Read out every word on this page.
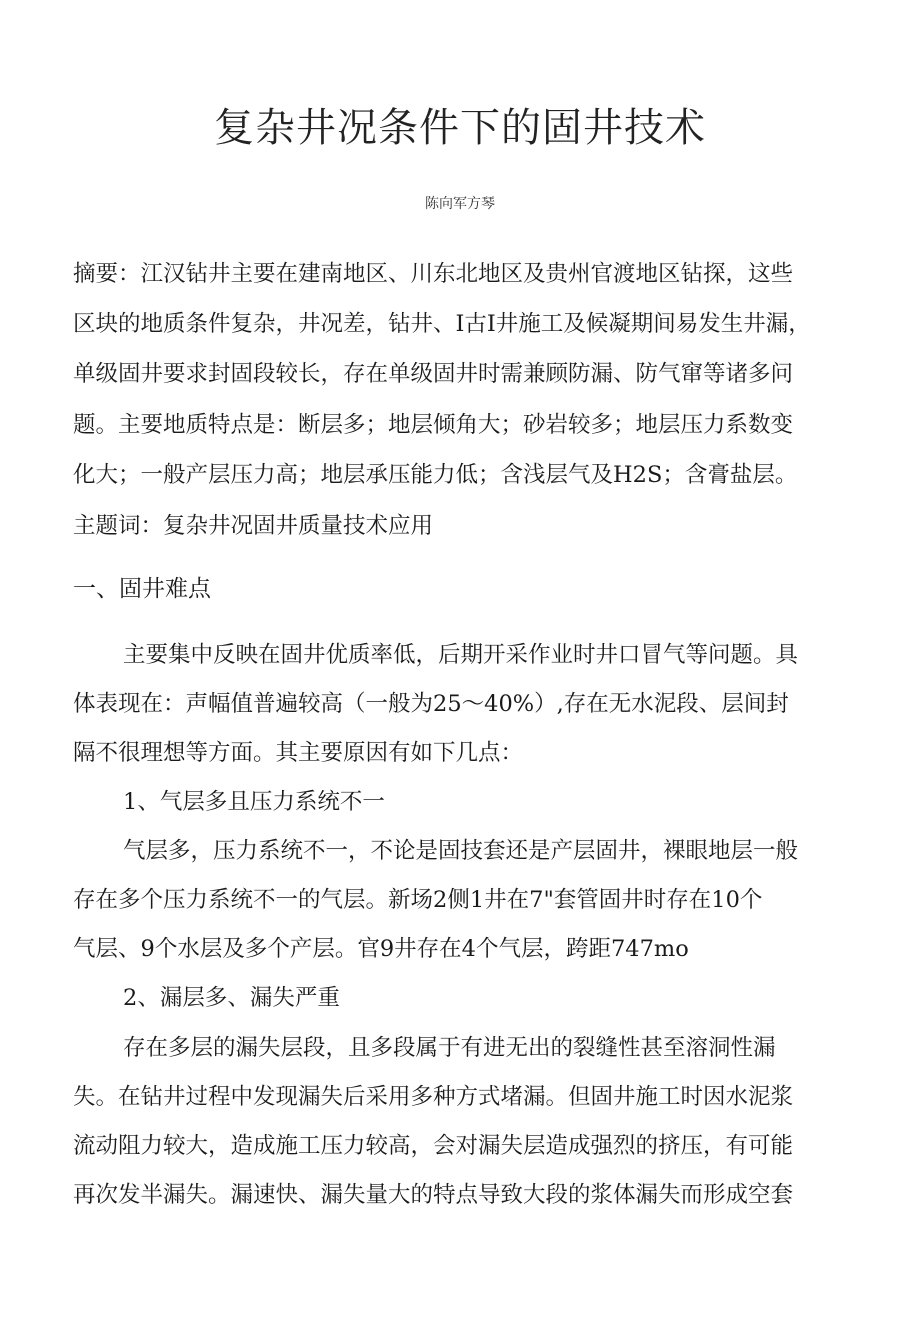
复杂井况条件下的固井技术
陈向军方琴
摘要：江汉钻井主要在建南地区、川东北地区及贵州官渡地区钻探，这些
区块的地质条件复杂，井况差，钻井、I古I井施工及候凝期间易发生井漏，
单级固井要求封固段较长，存在单级固井时需兼顾防漏、防气窜等诸多问
题。主要地质特点是：断层多；地层倾角大；砂岩较多；地层压力系数变
化大；一般产层压力高；地层承压能力低；含浅层气及H2S；含膏盐层。
主题词：复杂井况固井质量技术应用
一、固井难点
主要集中反映在固井优质率低，后期开采作业时井口冒气等问题。具
体表现在：声幅值普遍较高（一般为25～40%）,存在无水泥段、层间封
隔不很理想等方面。其主要原因有如下几点：
1、气层多且压力系统不一
气层多，压力系统不一，不论是固技套还是产层固井，裸眼地层一般
存在多个压力系统不一的气层。新场2侧1井在7"套管固井时存在10个
气层、9个水层及多个产层。官9井存在4个气层，跨距747mo
2、漏层多、漏失严重
存在多层的漏失层段，且多段属于有进无出的裂缝性甚至溶洞性漏
失。在钻井过程中发现漏失后采用多种方式堵漏。但固井施工时因水泥浆
流动阻力较大，造成施工压力较高，会对漏失层造成强烈的挤压，有可能
再次发半漏失。漏速快、漏失量大的特点导致大段的浆体漏失而形成空套
